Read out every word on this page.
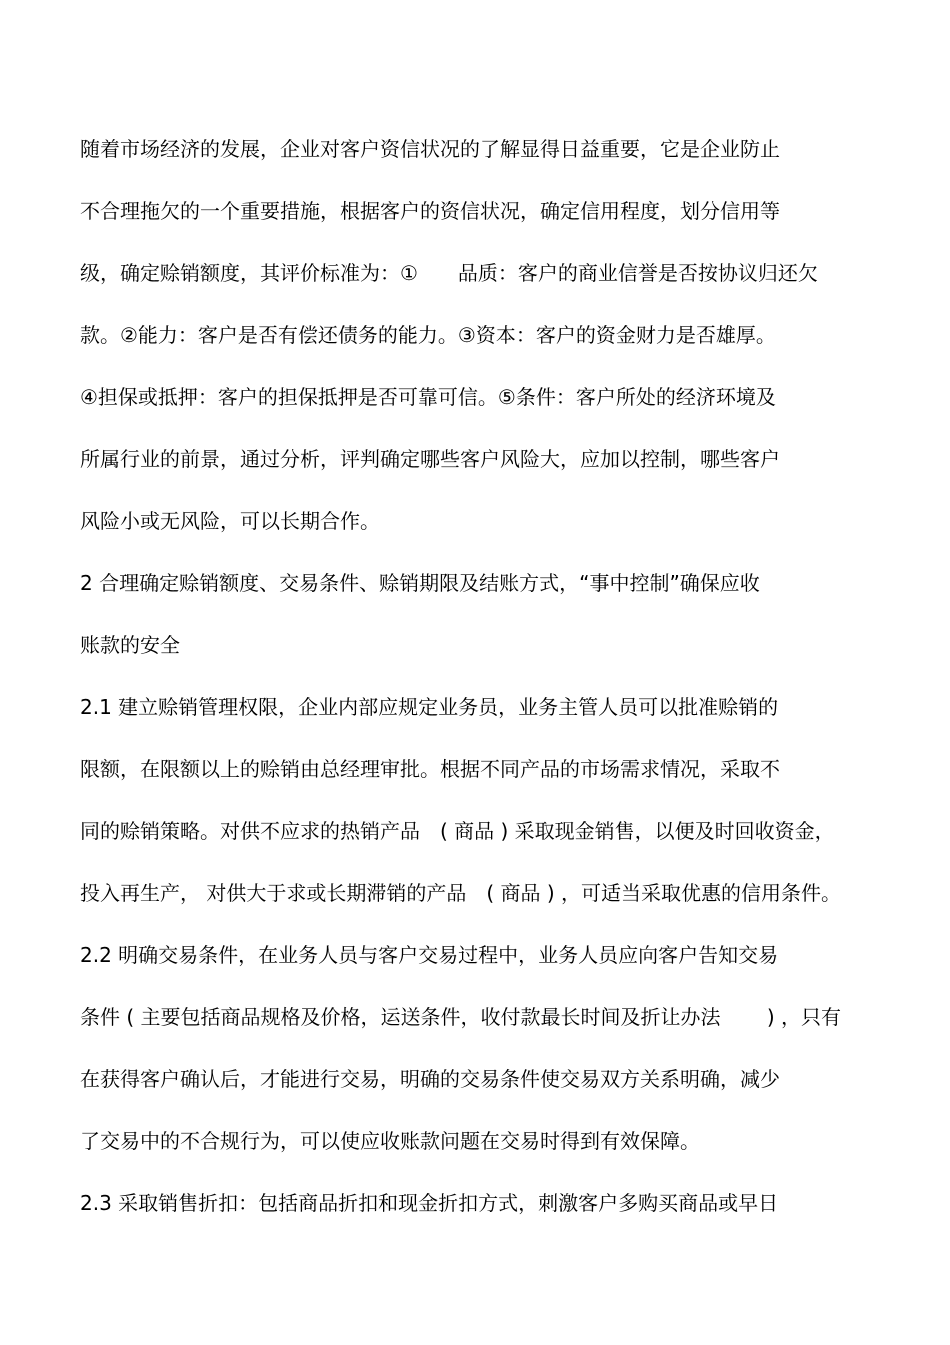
随着市场经济的发展，企业对客户资信状况的了解显得日益重要，它是企业防止

不合理拖欠的一个重要措施，根据客户的资信状况，确定信用程度，划分信用等

级，确定赊销额度，其评价标准为：①　　品质：客户的商业信誉是否按协议归还欠

款。②能力：客户是否有偿还债务的能力。③资本：客户的资金财力是否雄厚。

④担保或抵押：客户的担保抵押是否可靠可信。⑤条件：客户所处的经济环境及

所属行业的前景，通过分析，评判确定哪些客户风险大，应加以控制，哪些客户

风险小或无风险，可以长期合作。

2 合理确定赊销额度、交易条件、赊销期限及结账方式，“事中控制”确保应收

账款的安全

2.1 建立赊销管理权限，企业内部应规定业务员，业务主管人员可以批准赊销的

限额，在限额以上的赊销由总经理审批。根据不同产品的市场需求情况，采取不

同的赊销策略。对供不应求的热销产品　( 商品 ) 采取现金销售，以便及时回收资金，

投入再生产， 对供大于求或长期滞销的产品　( 商品 ) ，可适当采取优惠的信用条件。

2.2 明确交易条件，在业务人员与客户交易过程中，业务人员应向客户告知交易

条件 ( 主要包括商品规格及价格，运送条件，收付款最长时间及折让办法　　 ) ，只有

在获得客户确认后，才能进行交易，明确的交易条件使交易双方关系明确，减少

了交易中的不合规行为，可以使应收账款问题在交易时得到有效保障。

2.3 采取销售折扣：包括商品折扣和现金折扣方式，刺激客户多购买商品或早日
